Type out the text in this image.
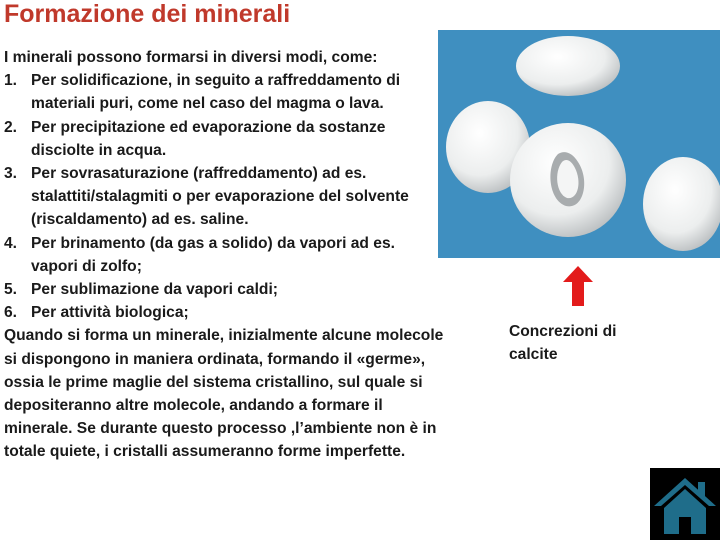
Formazione dei minerali

I minerali possono formarsi in diversi modi, come:

1. Per solidificazione, in seguito a raffreddamento di materiali puri, come nel caso del magma o lava.
2. Per precipitazione ed evaporazione da sostanze disciolte in acqua.
3. Per sovrasaturazione (raffreddamento) ad es. stalattiti/stalagmiti o per evaporazione del solvente (riscaldamento) ad es. saline.
4. Per brinamento (da gas a solido) da vapori ad es. vapori di zolfo;
5. Per sublimazione da vapori caldi;
6. Per attività biologica;

Quando si forma un minerale, inizialmente alcune molecole si dispongono in maniera ordinata, formando il «germe», ossia le prime maglie del sistema cristallino, sul quale si depositeranno altre molecole, andando a formare il minerale. Se durante questo processo ,l’ambiente non è in totale quiete, i cristalli assumeranno forme imperfette.

Concrezioni di calcite
